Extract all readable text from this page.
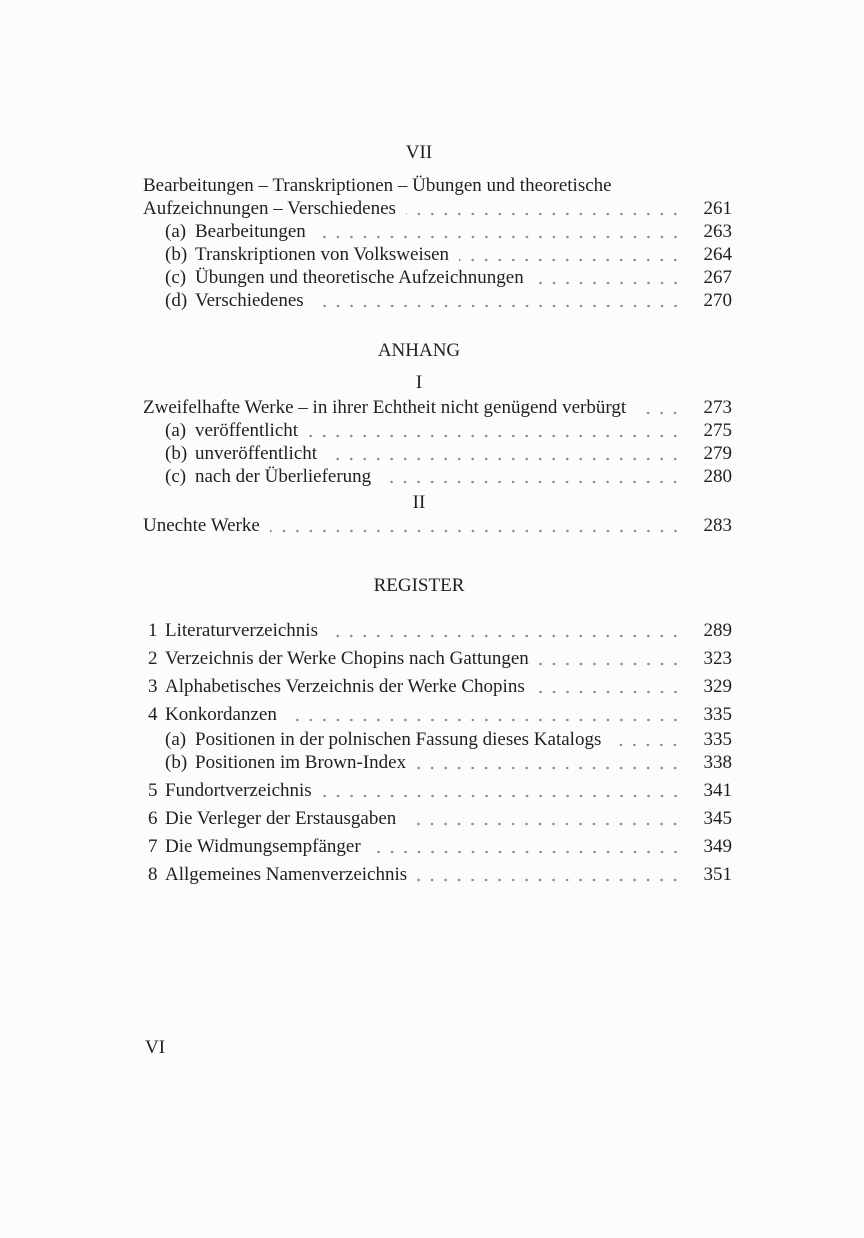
VII
Bearbeitungen – Transkriptionen – Übungen und theoretische
Aufzeichnungen – Verschiedenes	261
(a) Bearbeitungen	263
(b) Transkriptionen von Volksweisen	264
(c) Übungen und theoretische Aufzeichnungen	267
(d) Verschiedenes	270
ANHANG
I
Zweifelhafte Werke – in ihrer Echtheit nicht genügend verbürgt	273
(a) veröffentlicht	275
(b) unveröffentlicht	279
(c) nach der Überlieferung	280
II
Unechte Werke	283
REGISTER
1 Literaturverzeichnis	289
2 Verzeichnis der Werke Chopins nach Gattungen	323
3 Alphabetisches Verzeichnis der Werke Chopins	329
4 Konkordanzen	335
(a) Positionen in der polnischen Fassung dieses Katalogs	335
(b) Positionen im Brown-Index	338
5 Fundortverzeichnis	341
6 Die Verleger der Erstausgaben	345
7 Die Widmungsempfänger	349
8 Allgemeines Namenverzeichnis	351
VI
